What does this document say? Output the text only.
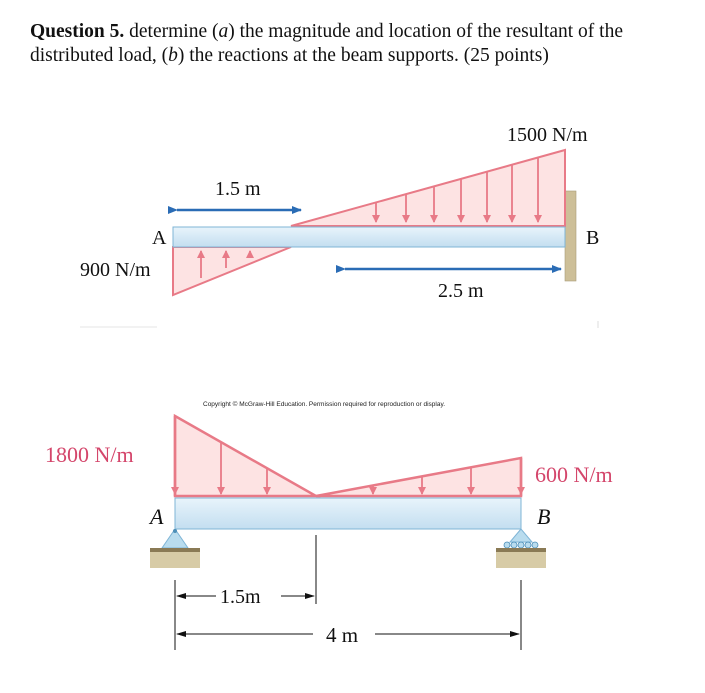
Question 5. determine (a) the magnitude and location of the resultant of the distributed load, (b) the reactions at the beam supports. (25 points)
1.5 m
2.5 m
1500 N/m
900 N/m
A	B
Copyright © McGraw-Hill Education. Permission required for reproduction or display.
1.5m
4 m
1800 N/m
600 N/m
A	B
